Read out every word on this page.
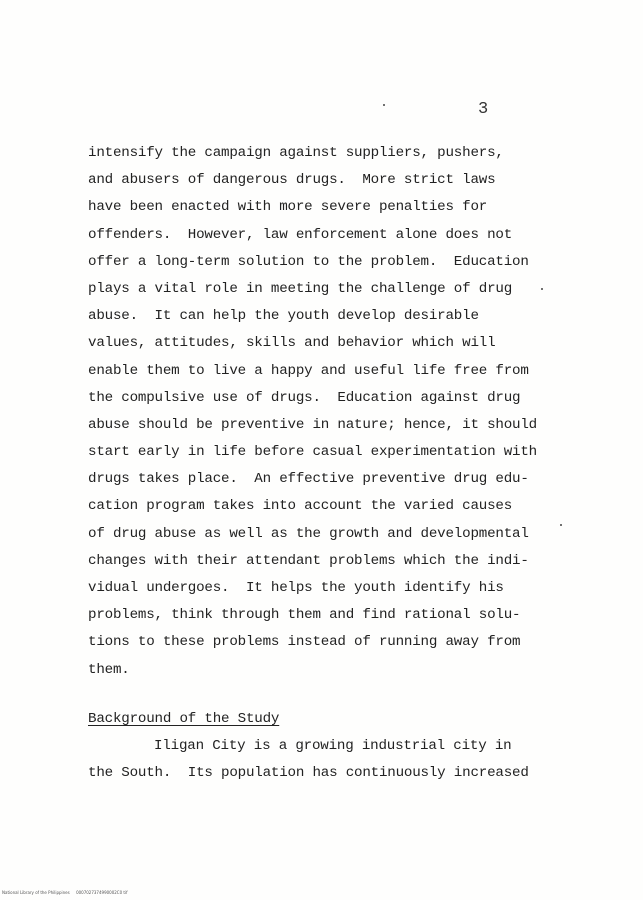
3
intensify the campaign against suppliers, pushers,
and abusers of dangerous drugs.  More strict laws
have been enacted with more severe penalties for
offenders.  However, law enforcement alone does not
offer a long-term solution to the problem.  Education
plays a vital role in meeting the challenge of drug
abuse.  It can help the youth develop desirable
values, attitudes, skills and behavior which will
enable them to live a happy and useful life free from
the compulsive use of drugs.  Education against drug
abuse should be preventive in nature; hence, it should
start early in life before casual experimentation with
drugs takes place.  An effective preventive drug edu-
cation program takes into account the varied causes
of drug abuse as well as the growth and developmental
changes with their attendant problems which the indi-
vidual undergoes.  It helps the youth identify his
problems, think through them and find rational solu-
tions to these problems instead of running away from
them.
Background of the Study
Iligan City is a growing industrial city in
the South.  Its population has continuously increased
National Library of the Philippines     0007027374990002C0 tif
